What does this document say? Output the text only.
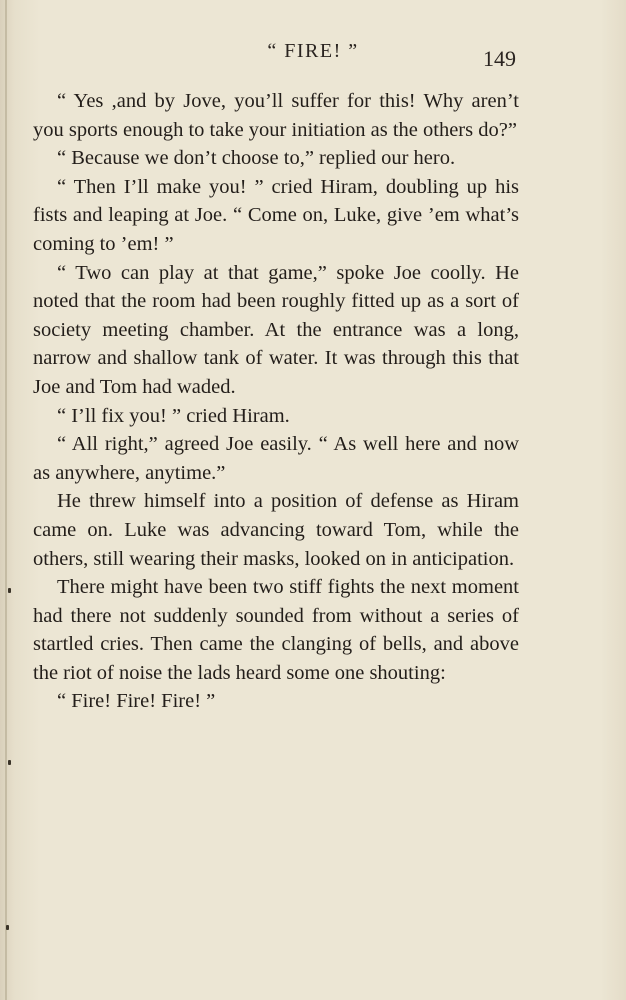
“ FIRE! ”	149

“ Yes ,and by Jove, you’ll suffer for this! Why aren’t you sports enough to take your initiation as the others do?”

“ Because we don’t choose to,” replied our hero.

“ Then I’ll make you! ” cried Hiram, doubling up his fists and leaping at Joe. “ Come on, Luke, give ’em what’s coming to ’em! ”

“ Two can play at that game,” spoke Joe coolly. He noted that the room had been roughly fitted up as a sort of society meeting chamber. At the entrance was a long, narrow and shallow tank of water. It was through this that Joe and Tom had waded.

“ I’ll fix you! ” cried Hiram.

“ All right,” agreed Joe easily. “ As well here and now as anywhere, anytime.”

He threw himself into a position of defense as Hiram came on. Luke was advancing toward Tom, while the others, still wearing their masks, looked on in anticipation.

There might have been two stiff fights the next moment had there not suddenly sounded from without a series of startled cries. Then came the clanging of bells, and above the riot of noise the lads heard some one shouting:

“ Fire! Fire! Fire! ”
